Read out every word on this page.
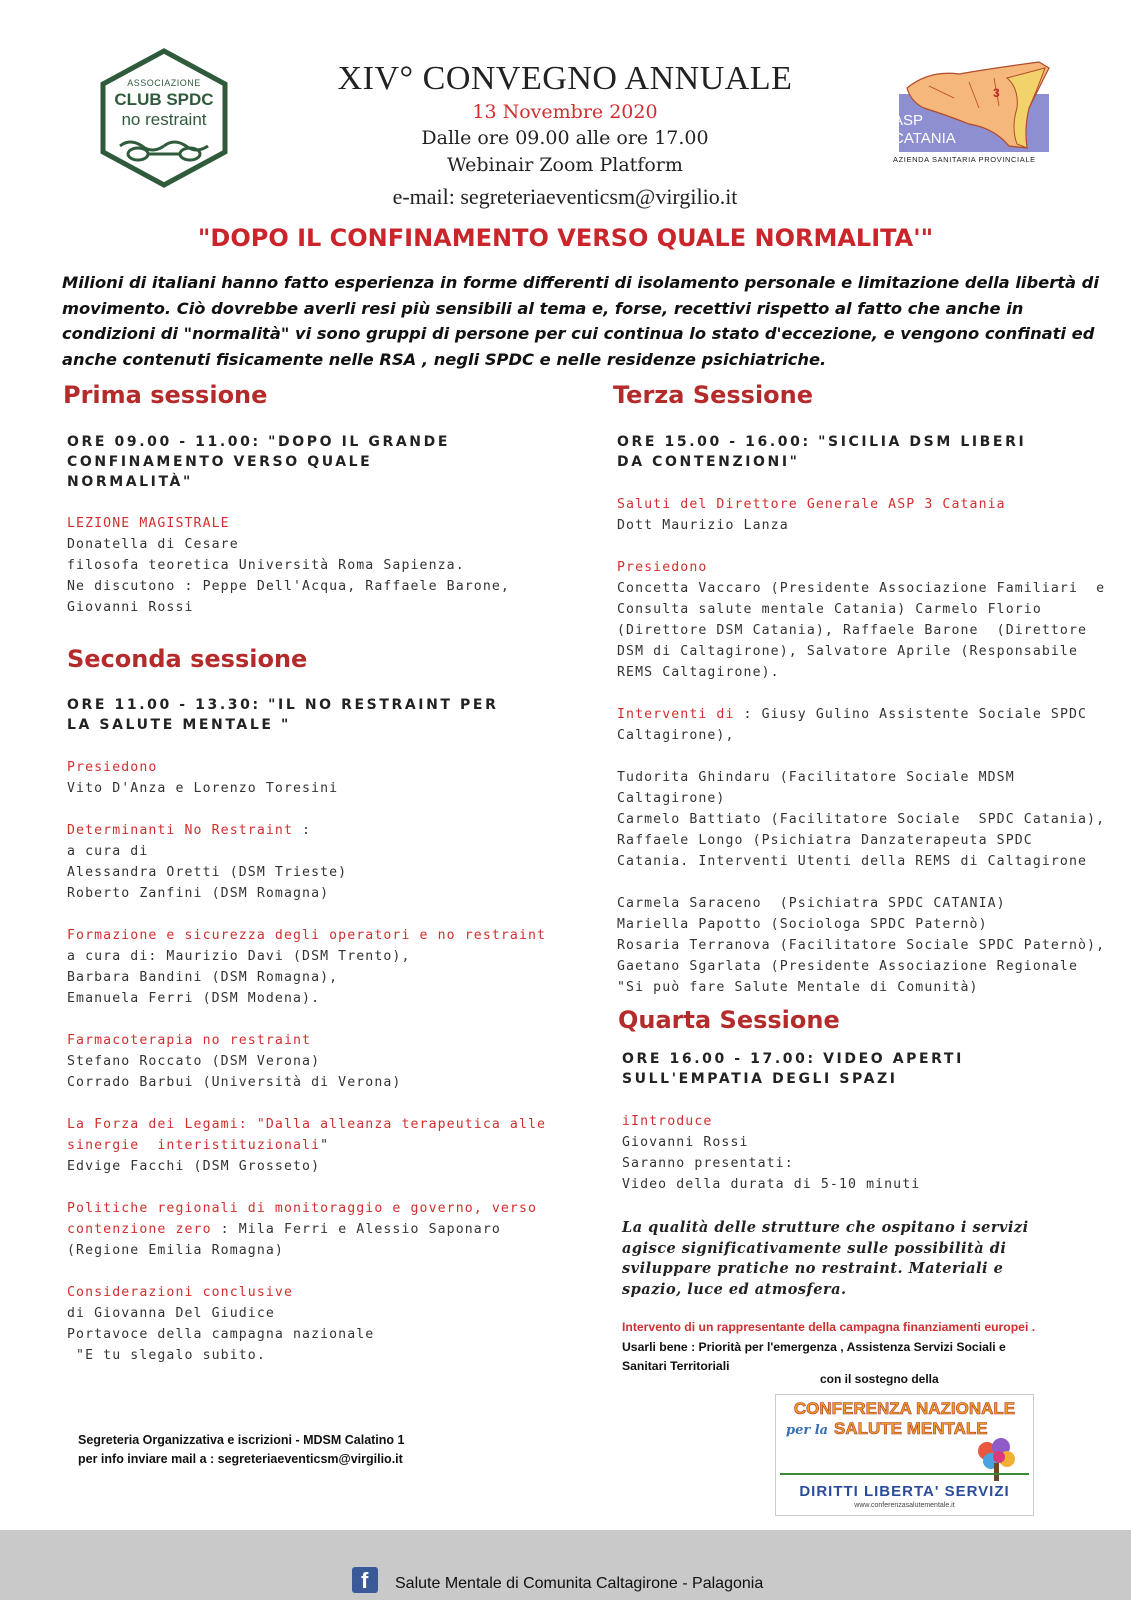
ASSOCIAZIONE
CLUB SPDC
no restraint
XIV° CONVEGNO ANNUALE
13 Novembre 2020
Dalle ore 09.00 alle ore 17.00
Webinair Zoom Platform
e-mail: segreteriaeventicsm@virgilio.it
3
ASP
CATANIA
AZIENDA SANITARIA PROVINCIALE
"DOPO IL CONFINAMENTO VERSO QUALE NORMALITA'"
Milioni di italiani hanno fatto esperienza in forme differenti di isolamento personale e limitazione della libertà di movimento. Ciò dovrebbe averli resi più sensibili al tema e, forse, recettivi rispetto al fatto che anche in condizioni di "normalità" vi sono gruppi di persone per cui continua lo stato d'eccezione, e vengono confinati ed anche contenuti fisicamente nelle RSA , negli SPDC e nelle residenze psichiatriche.
Prima sessione
ORE 09.00 - 11.00: "DOPO IL GRANDE CONFINAMENTO VERSO QUALE NORMALITÀ"
LEZIONE MAGISTRALE
Donatella di Cesare
filosofa teoretica Università Roma Sapienza.
Ne discutono : Peppe Dell'Acqua, Raffaele Barone,
Giovanni Rossi
Seconda sessione
ORE 11.00 - 13.30: "IL NO RESTRAINT PER LA SALUTE MENTALE "
Presiedono
Vito D'Anza e Lorenzo Toresini

Determinanti No Restraint :
a cura di
Alessandra Oretti (DSM Trieste)
Roberto Zanfini (DSM Romagna)

Formazione e sicurezza degli operatori e no restraint
a cura di: Maurizio Davi (DSM Trento),
Barbara Bandini (DSM Romagna),
Emanuela Ferri (DSM Modena).

Farmacoterapia no restraint
Stefano Roccato (DSM Verona)
Corrado Barbui (Università di Verona)

La Forza dei Legami: "Dalla alleanza terapeutica alle
sinergie  interistituzionali"
Edvige Facchi (DSM Grosseto)

Politiche regionali di monitoraggio e governo, verso
contenzione zero : Mila Ferri e Alessio Saponaro
(Regione Emilia Romagna)

Considerazioni conclusive
di Giovanna Del Giudice
Portavoce della campagna nazionale
"E tu slegalo subito.
Segreteria Organizzativa e iscrizioni - MDSM Calatino 1
per info inviare mail a : segreteriaeventicsm@virgilio.it
Terza Sessione
ORE 15.00 - 16.00: "SICILIA DSM LIBERI DA CONTENZIONI"
Saluti del Direttore Generale ASP 3 Catania
Dott Maurizio Lanza

Presiedono
Concetta Vaccaro (Presidente Associazione Familiari  e
Consulta salute mentale Catania) Carmelo Florio
(Direttore DSM Catania), Raffaele Barone  (Direttore
DSM di Caltagirone), Salvatore Aprile (Responsabile
REMS Caltagirone).

Interventi di : Giusy Gulino Assistente Sociale SPDC
Caltagirone),

Tudorita Ghindaru (Facilitatore Sociale MDSM
Caltagirone)
Carmelo Battiato (Facilitatore Sociale  SPDC Catania),
Raffaele Longo (Psichiatra Danzaterapeuta SPDC
Catania. Interventi Utenti della REMS di Caltagirone

Carmela Saraceno  (Psichiatra SPDC CATANIA)
Mariella Papotto (Sociologa SPDC Paternò)
Rosaria Terranova (Facilitatore Sociale SPDC Paternò),
Gaetano Sgarlata (Presidente Associazione Regionale
"Si può fare Salute Mentale di Comunità)
Quarta Sessione
ORE 16.00 - 17.00: VIDEO APERTI SULL'EMPATIA DEGLI SPAZI
iIntroduce
Giovanni Rossi
Saranno presentati:
Video della durata di 5-10 minuti
La qualità delle strutture che ospitano i servizi agisce significativamente sulle possibilità di sviluppare pratiche no restraint. Materiali e spazio, luce ed atmosfera.
Intervento di un rappresentante della campagna finanziamenti europei .
Usarli bene : Priorità per l'emergenza , Assistenza Servizi Sociali e
Sanitari Territoriali
con il sostegno della
CONFERENZA NAZIONALE
per la SALUTE MENTALE
DIRITTI LIBERTA' SERVIZI
www.conferenzasalutementale.it
f Salute Mentale di Comunita Caltagirone - Palagonia
